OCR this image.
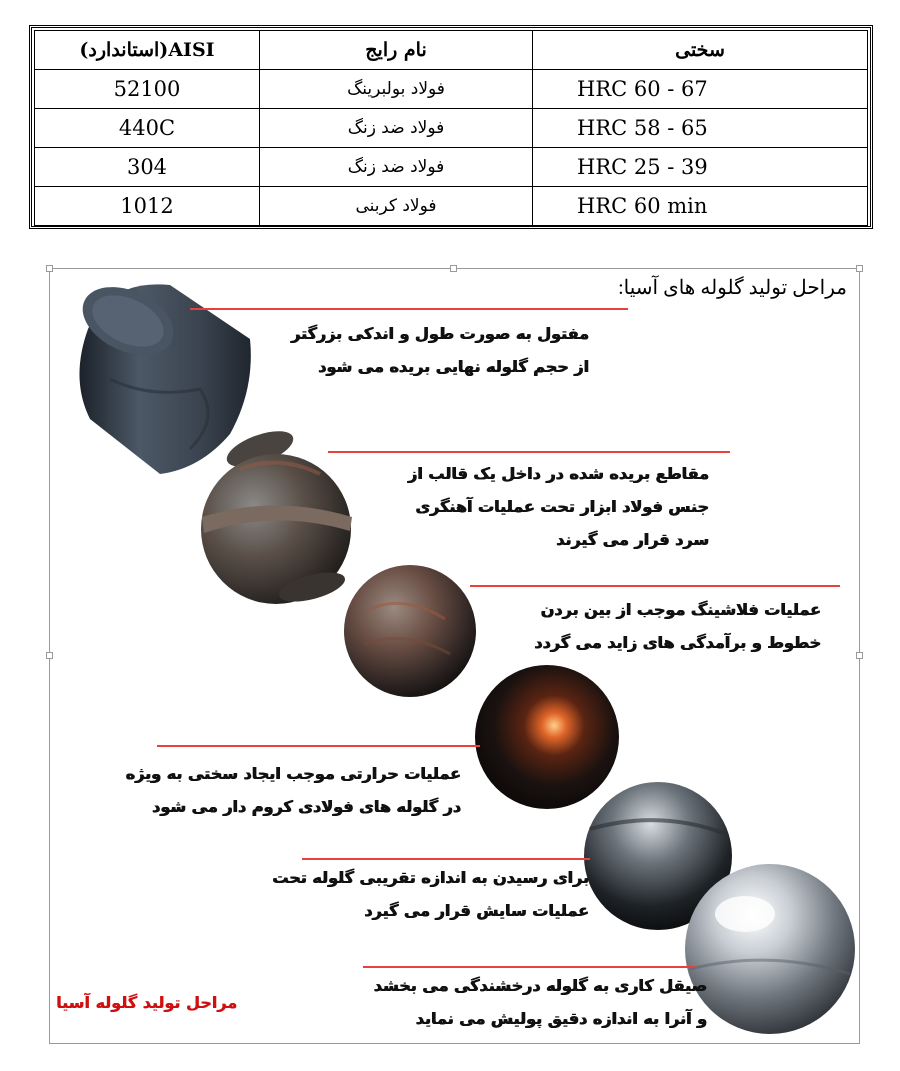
سختی	نام رایج	AISI(استاندارد)
HRC 60 - 67	فولاد بولبرینگ	52100
HRC 58 - 65	فولاد ضد زنگ	440C
HRC 25 - 39	فولاد ضد زنگ	304
HRC 60 min	فولاد کربنی	1012
مراحل تولید گلوله های آسیا:
مفتول به صورت طول و اندکی بزرگتر
از حجم گلوله نهایی بریده می شود
مقاطع بریده شده در داخل یک قالب از
جنس فولاد ابزار تحت عملیات آهنگری
سرد قرار می گیرند
عملیات فلاشینگ موجب از بین بردن
خطوط و برآمدگی های زاید می گردد
عملیات حرارتی موجب ایجاد سختی به ویژه
در گلوله های فولادی کروم دار می شود
برای رسیدن به اندازه تقریبی گلوله تحت
عملیات سایش قرار می گیرد
صیقل کاری به گلوله درخشندگی می بخشد
و آنرا به اندازه دقیق پولیش می نماید
مراحل تولید گلوله آسیا
